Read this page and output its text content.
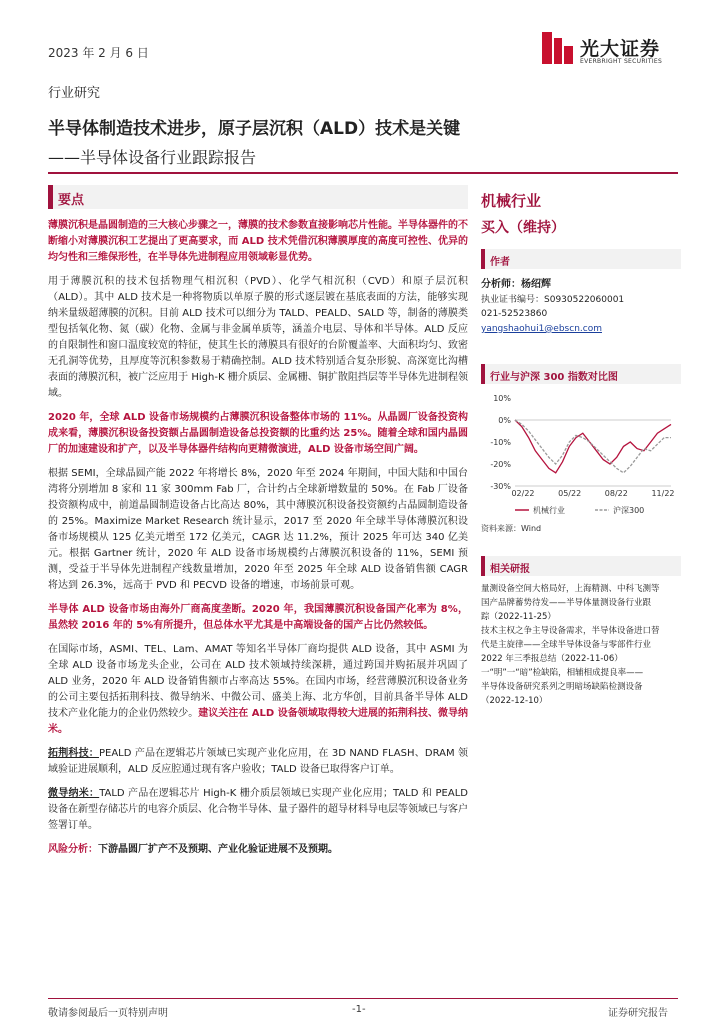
2023 年 2 月 6 日	光大证券
EVERBRIGHT SECURITIES
行业研究
半导体制造技术进步，原子层沉积（ALD）技术是关键
——半导体设备行业跟踪报告
要点

薄膜沉积是晶圆制造的三大核心步骤之一，薄膜的技术参数直接影响芯片性能。半导体器件的不断缩小对薄膜沉积工艺提出了更高要求，而 ALD 技术凭借沉积薄膜厚度的高度可控性、优异的均匀性和三维保形性，在半导体先进制程应用领域彰显优势。

用于薄膜沉积的技术包括物理气相沉积（PVD）、化学气相沉积（CVD）和原子层沉积（ALD）。其中 ALD 技术是一种将物质以单原子膜的形式逐层镀在基底表面的方法，能够实现纳米量级超薄膜的沉积。目前 ALD 技术可以细分为 TALD、PEALD、SALD 等，制备的薄膜类型包括氧化物、氮（碳）化物、金属与非金属单质等，涵盖介电层、导体和半导体。ALD 反应的自限制性和窗口温度较宽的特征，使其生长的薄膜具有很好的台阶覆盖率、大面积均匀、致密无孔洞等优势，且厚度等沉积参数易于精确控制。ALD 技术特别适合复杂形貌、高深宽比沟槽表面的薄膜沉积，被广泛应用于 High-K 栅介质层、金属栅、铜扩散阻挡层等半导体先进制程领域。

2020 年，全球 ALD 设备市场规模约占薄膜沉积设备整体市场的 11%。从晶圆厂设备投资构成来看，薄膜沉积设备投资额占晶圆制造设备总投资额的比重约达 25%。随着全球和国内晶圆厂的加速建设和扩产，以及半导体器件结构向更精微演进，ALD 设备市场空间广阔。

根据 SEMI，全球晶圆产能 2022 年将增长 8%，2020 年至 2024 年期间，中国大陆和中国台湾将分别增加 8 家和 11 家 300mm Fab 厂，合计约占全球新增数量的 50%。在 Fab 厂设备投资额构成中，前道晶圆制造设备占比高达 80%，其中薄膜沉积设备投资额约占晶圆制造设备的 25%。Maximize Market Research 统计显示，2017 至 2020 年全球半导体薄膜沉积设备市场规模从 125 亿美元增至 172 亿美元，CAGR 达 11.2%，预计 2025 年可达 340 亿美元。根据 Gartner 统计，2020 年 ALD 设备市场规模约占薄膜沉积设备的 11%，SEMI 预测，受益于半导体先进制程产线数量增加，2020 年至 2025 年全球 ALD 设备销售额 CAGR 将达到 26.3%，远高于 PVD 和 PECVD 设备的增速，市场前景可观。

半导体 ALD 设备市场由海外厂商高度垄断。2020 年，我国薄膜沉积设备国产化率为 8%，虽然较 2016 年的 5%有所提升，但总体水平尤其是中高端设备的国产占比仍然较低。

在国际市场，ASMI、TEL、Lam、AMAT 等知名半导体厂商均提供 ALD 设备，其中 ASMI 为全球 ALD 设备市场龙头企业，公司在 ALD 技术领域持续深耕，通过跨国并购拓展并巩固了 ALD 业务，2020 年 ALD 设备销售额市占率高达 55%。在国内市场，经营薄膜沉积设备业务的公司主要包括拓荆科技、微导纳米、中微公司、盛美上海、北方华创，目前具备半导体 ALD 技术产业化能力的企业仍然较少。建议关注在 ALD 设备领域取得较大进展的拓荆科技、微导纳米。

拓荆科技：PEALD 产品在逻辑芯片领域已实现产业化应用，在 3D NAND FLASH、DRAM 领域验证进展顺利，ALD 反应腔通过现有客户验收；TALD 设备已取得客户订单。

微导纳米：TALD 产品在逻辑芯片 High-K 栅介质层领域已实现产业化应用；TALD 和 PEALD 设备在新型存储芯片的电容介质层、化合物半导体、量子器件的超导材料导电层等领域已与客户签署订单。

风险分析：下游晶圆厂扩产不及预期、产业化验证进展不及预期。

机械行业
买入（维持）
作者
分析师：杨绍辉
执业证书编号：S0930522060001
021-52523860
yangshaohui1@ebscn.com
行业与沪深 300 指数对比图
10%
0%
-10%
-20%
-30%
02/22	05/22	08/22	11/22
机械行业	沪深300
资料来源：Wind
相关研报
量测设备空间大格局好，上海精测、中科飞测等
国产品牌蓄势待发——半导体量测设备行业跟
踪（2022-11-25）
技术主权之争主导设备需求，半导体设备进口替
代是主旋律——全球半导体设备与零部件行业
2022 年三季报总结（2022-11-06）
一“明”一“暗”检缺陷，相辅相成提良率——
半导体设备研究系列之明暗场缺陷检测设备
（2022-12-10）
敬请参阅最后一页特别声明	-1-	证券研究报告
